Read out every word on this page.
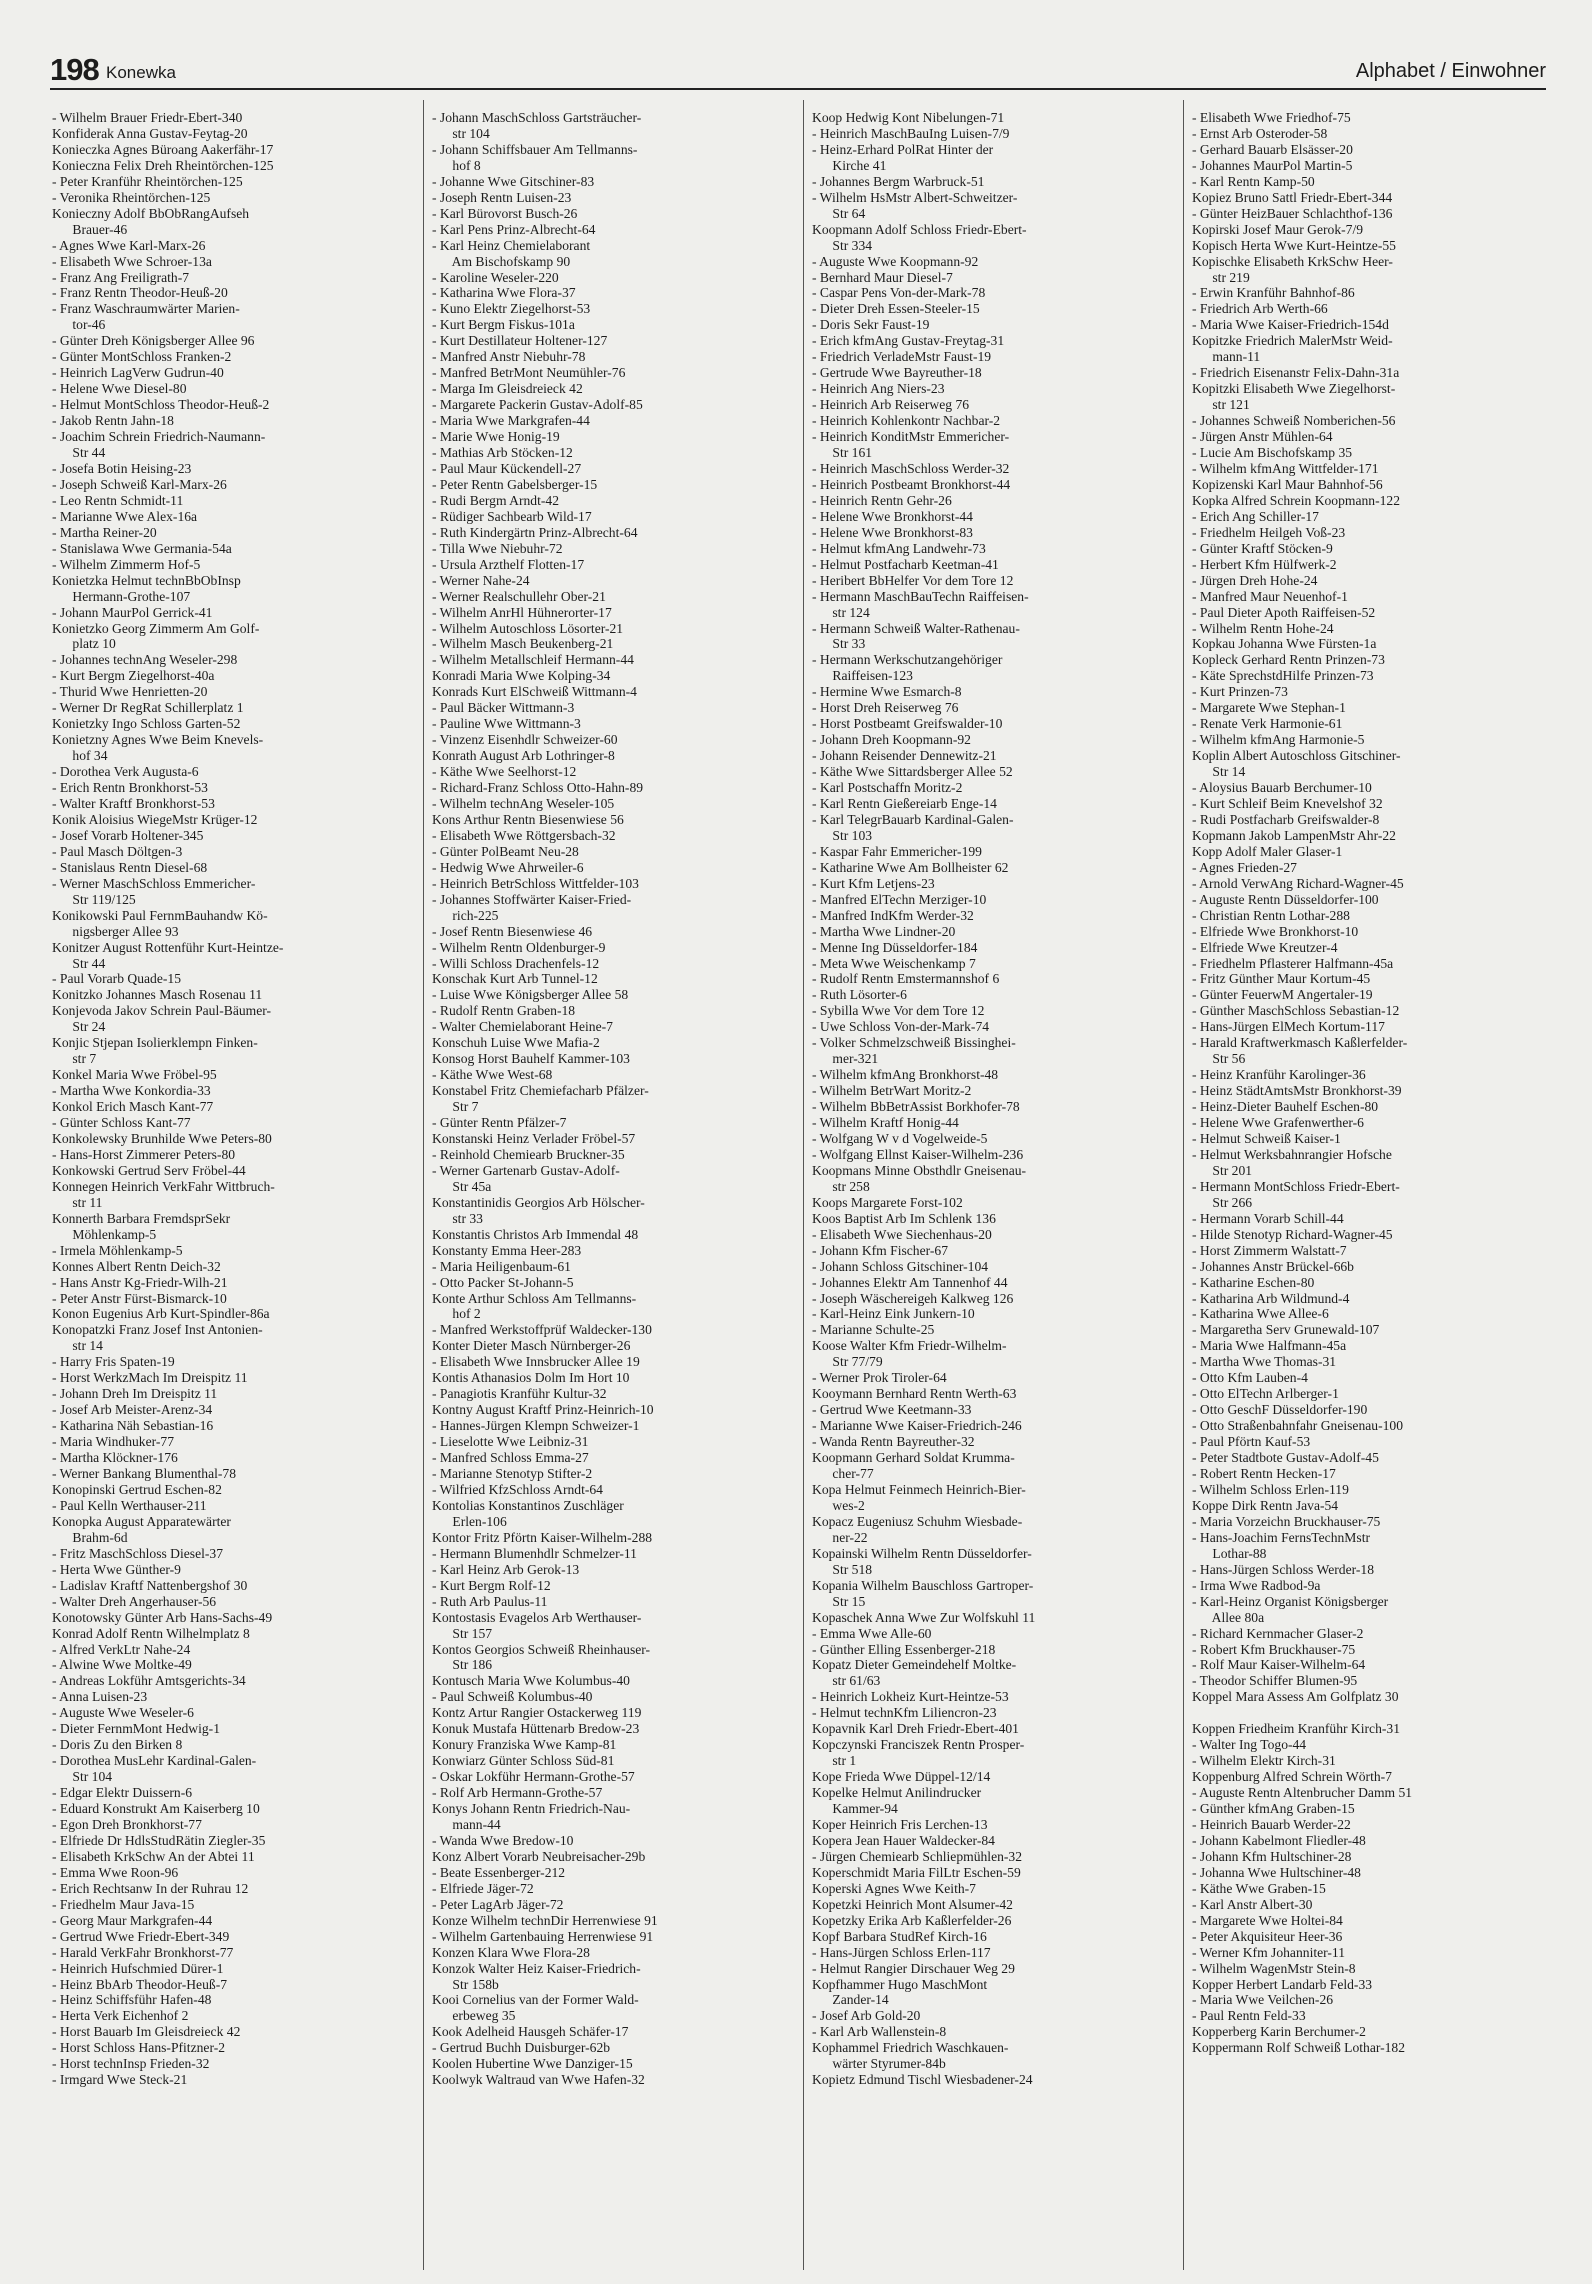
198 Konewka	Alphabet / Einwohner
- Wilhelm Brauer Friedr-Ebert-340
Konfiderak Anna Gustav-Feytag-20
Konieczka Agnes Büroang Aakerfähr-17
Konieczna Felix Dreh Rheintörchen-125
- Peter Kranführ Rheintörchen-125
- Veronika Rheintörchen-125
Konieczny Adolf BbObRangAufseh
Brauer-46
- Agnes Wwe Karl-Marx-26
- Elisabeth Wwe Schroer-13a
- Franz Ang Freiligrath-7
- Franz Rentn Theodor-Heuß-20
- Franz Waschraumwärter Marien-
tor-46
- Günter Dreh Königsberger Allee 96
- Günter MontSchloss Franken-2
- Heinrich LagVerw Gudrun-40
- Helene Wwe Diesel-80
- Helmut MontSchloss Theodor-Heuß-2
- Jakob Rentn Jahn-18
- Joachim Schrein Friedrich-Naumann-
Str 44
- Josefa Botin Heising-23
- Joseph Schweiß Karl-Marx-26
- Leo Rentn Schmidt-11
- Marianne Wwe Alex-16a
- Martha Reiner-20
- Stanislawa Wwe Germania-54a
- Wilhelm Zimmerm Hof-5
Konietzka Helmut technBbObInsp
Hermann-Grothe-107
- Johann MaurPol Gerrick-41
Konietzko Georg Zimmerm Am Golf-
platz 10
- Johannes technAng Weseler-298
- Kurt Bergm Ziegelhorst-40a
- Thurid Wwe Henrietten-20
- Werner Dr RegRat Schillerplatz 1
Konietzky Ingo Schloss Garten-52
Konietzny Agnes Wwe Beim Knevels-
hof 34
- Dorothea Verk Augusta-6
- Erich Rentn Bronkhorst-53
- Walter Kraftf Bronkhorst-53
Konik Aloisius WiegeMstr Krüger-12
- Josef Vorarb Holtener-345
- Paul Masch Döltgen-3
- Stanislaus Rentn Diesel-68
- Werner MaschSchloss Emmericher-
Str 119/125
Konikowski Paul FernmBauhandw Kö-
nigsberger Allee 93
Konitzer August Rottenführ Kurt-Heintze-
Str 44
- Paul Vorarb Quade-15
Konitzko Johannes Masch Rosenau 11
Konjevoda Jakov Schrein Paul-Bäumer-
Str 24
Konjic Stjepan Isolierklempn Finken-
str 7
Konkel Maria Wwe Fröbel-95
- Martha Wwe Konkordia-33
Konkol Erich Masch Kant-77
- Günter Schloss Kant-77
Konkolewsky Brunhilde Wwe Peters-80
- Hans-Horst Zimmerer Peters-80
Konkowski Gertrud Serv Fröbel-44
Konnegen Heinrich VerkFahr Wittbruch-
str 11
Konnerth Barbara FremdsprSekr
Möhlenkamp-5
- Irmela Möhlenkamp-5
Konnes Albert Rentn Deich-32
- Hans Anstr Kg-Friedr-Wilh-21
- Peter Anstr Fürst-Bismarck-10
Konon Eugenius Arb Kurt-Spindler-86a
Konopatzki Franz Josef Inst Antonien-
str 14
- Harry Fris Spaten-19
- Horst WerkzMach Im Dreispitz 11
- Johann Dreh Im Dreispitz 11
- Josef Arb Meister-Arenz-34
- Katharina Näh Sebastian-16
- Maria Windhuker-77
- Martha Klöckner-176
- Werner Bankang Blumenthal-78
Konopinski Gertrud Eschen-82
- Paul Kelln Werthauser-211
Konopka August Apparatewärter
Brahm-6d
- Fritz MaschSchloss Diesel-37
- Herta Wwe Günther-9
- Ladislav Kraftf Nattenbergshof 30
- Walter Dreh Angerhauser-56
Konotowsky Günter Arb Hans-Sachs-49
Konrad Adolf Rentn Wilhelmplatz 8
- Alfred VerkLtr Nahe-24
- Alwine Wwe Moltke-49
- Andreas Lokführ Amtsgerichts-34
- Anna Luisen-23
- Auguste Wwe Weseler-6
- Dieter FernmMont Hedwig-1
- Doris Zu den Birken 8
- Dorothea MusLehr Kardinal-Galen-
Str 104
- Edgar Elektr Duissern-6
- Eduard Konstrukt Am Kaiserberg 10
- Egon Dreh Bronkhorst-77
- Elfriede Dr HdlsStudRätin Ziegler-35
- Elisabeth KrkSchw An der Abtei 11
- Emma Wwe Roon-96
- Erich Rechtsanw In der Ruhrau 12
- Friedhelm Maur Java-15
- Georg Maur Markgrafen-44
- Gertrud Wwe Friedr-Ebert-349
- Harald VerkFahr Bronkhorst-77
- Heinrich Hufschmied Dürer-1
- Heinz BbArb Theodor-Heuß-7
- Heinz Schiffsführ Hafen-48
- Herta Verk Eichenhof 2
- Horst Bauarb Im Gleisdreieck 42
- Horst Schloss Hans-Pfitzner-2
- Horst technInsp Frieden-32
- Irmgard Wwe Steck-21
- Johann MaschSchloss Gartsträucher-
str 104
- Johann Schiffsbauer Am Tellmanns-
hof 8
- Johanne Wwe Gitschiner-83
- Joseph Rentn Luisen-23
- Karl Bürovorst Busch-26
- Karl Pens Prinz-Albrecht-64
- Karl Heinz Chemielaborant
Am Bischofskamp 90
- Karoline Weseler-220
- Katharina Wwe Flora-37
- Kuno Elektr Ziegelhorst-53
- Kurt Bergm Fiskus-101a
- Kurt Destillateur Holtener-127
- Manfred Anstr Niebuhr-78
- Manfred BetrMont Neumühler-76
- Marga Im Gleisdreieck 42
- Margarete Packerin Gustav-Adolf-85
- Maria Wwe Markgrafen-44
- Marie Wwe Honig-19
- Mathias Arb Stöcken-12
- Paul Maur Kückendell-27
- Peter Rentn Gabelsberger-15
- Rudi Bergm Arndt-42
- Rüdiger Sachbearb Wild-17
- Ruth Kindergärtn Prinz-Albrecht-64
- Tilla Wwe Niebuhr-72
- Ursula Arzthelf Flotten-17
- Werner Nahe-24
- Werner Realschullehr Ober-21
- Wilhelm AnrHl Hühnerorter-17
- Wilhelm Autoschloss Lösorter-21
- Wilhelm Masch Beukenberg-21
- Wilhelm Metallschleif Hermann-44
Konradi Maria Wwe Kolping-34
Konrads Kurt ElSchweiß Wittmann-4
- Paul Bäcker Wittmann-3
- Pauline Wwe Wittmann-3
- Vinzenz Eisenhdlr Schweizer-60
Konrath August Arb Lothringer-8
- Käthe Wwe Seelhorst-12
- Richard-Franz Schloss Otto-Hahn-89
- Wilhelm technAng Weseler-105
Kons Arthur Rentn Biesenwiese 56
- Elisabeth Wwe Röttgersbach-32
- Günter PolBeamt Neu-28
- Hedwig Wwe Ahrweiler-6
- Heinrich BetrSchloss Wittfelder-103
- Johannes Stoffwärter Kaiser-Fried-
rich-225
- Josef Rentn Biesenwiese 46
- Wilhelm Rentn Oldenburger-9
- Willi Schloss Drachenfels-12
Konschak Kurt Arb Tunnel-12
- Luise Wwe Königsberger Allee 58
- Rudolf Rentn Graben-18
- Walter Chemielaborant Heine-7
Konschuh Luise Wwe Mafia-2
Konsog Horst Bauhelf Kammer-103
- Käthe Wwe West-68
Konstabel Fritz Chemiefacharb Pfälzer-
Str 7
- Günter Rentn Pfälzer-7
Konstanski Heinz Verlader Fröbel-57
- Reinhold Chemiearb Bruckner-35
- Werner Gartenarb Gustav-Adolf-
Str 45a
Konstantinidis Georgios Arb Hölscher-
str 33
Konstantis Christos Arb Immendal 48
Konstanty Emma Heer-283
- Maria Heiligenbaum-61
- Otto Packer St-Johann-5
Konte Arthur Schloss Am Tellmanns-
hof 2
- Manfred Werkstoffprüf Waldecker-130
Konter Dieter Masch Nürnberger-26
- Elisabeth Wwe Innsbrucker Allee 19
Kontis Athanasios Dolm Im Hort 10
- Panagiotis Kranführ Kultur-32
Kontny August Kraftf Prinz-Heinrich-10
- Hannes-Jürgen Klempn Schweizer-1
- Lieselotte Wwe Leibniz-31
- Manfred Schloss Emma-27
- Marianne Stenotyp Stifter-2
- Wilfried KfzSchloss Arndt-64
Kontolias Konstantinos Zuschläger
Erlen-106
Kontor Fritz Pförtn Kaiser-Wilhelm-288
- Hermann Blumenhdlr Schmelzer-11
- Karl Heinz Arb Gerok-13
- Kurt Bergm Rolf-12
- Ruth Arb Paulus-11
Kontostasis Evagelos Arb Werthauser-
Str 157
Kontos Georgios Schweiß Rheinhauser-
Str 186
Kontusch Maria Wwe Kolumbus-40
- Paul Schweiß Kolumbus-40
Kontz Artur Rangier Ostackerweg 119
Konuk Mustafa Hüttenarb Bredow-23
Konury Franziska Wwe Kamp-81
Konwiarz Günter Schloss Süd-81
- Oskar Lokführ Hermann-Grothe-57
- Rolf Arb Hermann-Grothe-57
Konys Johann Rentn Friedrich-Nau-
mann-44
- Wanda Wwe Bredow-10
Konz Albert Vorarb Neubreisacher-29b
- Beate Essenberger-212
- Elfriede Jäger-72
- Peter LagArb Jäger-72
Konze Wilhelm technDir Herrenwiese 91
- Wilhelm Gartenbauing Herrenwiese 91
Konzen Klara Wwe Flora-28
Konzok Walter Heiz Kaiser-Friedrich-
Str 158b
Kooi Cornelius van der Former Wald-
erbeweg 35
Kook Adelheid Hausgeh Schäfer-17
- Gertrud Buchh Duisburger-62b
Koolen Hubertine Wwe Danziger-15
Koolwyk Waltraud van Wwe Hafen-32
Koop Hedwig Kont Nibelungen-71
- Heinrich MaschBauIng Luisen-7/9
- Heinz-Erhard PolRat Hinter der
Kirche 41
- Johannes Bergm Warbruck-51
- Wilhelm HsMstr Albert-Schweitzer-
Str 64
Koopmann Adolf Schloss Friedr-Ebert-
Str 334
- Auguste Wwe Koopmann-92
- Bernhard Maur Diesel-7
- Caspar Pens Von-der-Mark-78
- Dieter Dreh Essen-Steeler-15
- Doris Sekr Faust-19
- Erich kfmAng Gustav-Freytag-31
- Friedrich VerladeMstr Faust-19
- Gertrude Wwe Bayreuther-18
- Heinrich Ang Niers-23
- Heinrich Arb Reiserweg 76
- Heinrich Kohlenkontr Nachbar-2
- Heinrich KonditMstr Emmericher-
Str 161
- Heinrich MaschSchloss Werder-32
- Heinrich Postbeamt Bronkhorst-44
- Heinrich Rentn Gehr-26
- Helene Wwe Bronkhorst-44
- Helene Wwe Bronkhorst-83
- Helmut kfmAng Landwehr-73
- Helmut Postfacharb Keetman-41
- Heribert BbHelfer Vor dem Tore 12
- Hermann MaschBauTechn Raiffeisen-
str 124
- Hermann Schweiß Walter-Rathenau-
Str 33
- Hermann Werkschutzangehöriger
Raiffeisen-123
- Hermine Wwe Esmarch-8
- Horst Dreh Reiserweg 76
- Horst Postbeamt Greifswalder-10
- Johann Dreh Koopmann-92
- Johann Reisender Dennewitz-21
- Käthe Wwe Sittardsberger Allee 52
- Karl Postschaffn Moritz-2
- Karl Rentn Gießereiarb Enge-14
- Karl TelegrBauarb Kardinal-Galen-
Str 103
- Kaspar Fahr Emmericher-199
- Katharine Wwe Am Bollheister 62
- Kurt Kfm Letjens-23
- Manfred ElTechn Merziger-10
- Manfred IndKfm Werder-32
- Martha Wwe Lindner-20
- Menne Ing Düsseldorfer-184
- Meta Wwe Weischenkamp 7
- Rudolf Rentn Emstermannshof 6
- Ruth Lösorter-6
- Sybilla Wwe Vor dem Tore 12
- Uwe Schloss Von-der-Mark-74
- Volker Schmelzschweiß Bissinghei-
mer-321
- Wilhelm kfmAng Bronkhorst-48
- Wilhelm BetrWart Moritz-2
- Wilhelm BbBetrAssist Borkhofer-78
- Wilhelm Kraftf Honig-44
- Wolfgang W v d Vogelweide-5
- Wolfgang Ellnst Kaiser-Wilhelm-236
Koopmans Minne Obsthdlr Gneisenau-
str 258
Koops Margarete Forst-102
Koos Baptist Arb Im Schlenk 136
- Elisabeth Wwe Siechenhaus-20
- Johann Kfm Fischer-67
- Johann Schloss Gitschiner-104
- Johannes Elektr Am Tannenhof 44
- Joseph Wäschereigeh Kalkweg 126
- Karl-Heinz Eink Junkern-10
- Marianne Schulte-25
Koose Walter Kfm Friedr-Wilhelm-
Str 77/79
- Werner Prok Tiroler-64
Kooymann Bernhard Rentn Werth-63
- Gertrud Wwe Keetmann-33
- Marianne Wwe Kaiser-Friedrich-246
- Wanda Rentn Bayreuther-32
Koopmann Gerhard Soldat Krumma-
cher-77
Kopa Helmut Feinmech Heinrich-Bier-
wes-2
Kopacz Eugeniusz Schuhm Wiesbade-
ner-22
Kopainski Wilhelm Rentn Düsseldorfer-
Str 518
Kopania Wilhelm Bauschloss Gartroper-
Str 15
Kopaschek Anna Wwe Zur Wolfskuhl 11
- Emma Wwe Alle-60
- Günther Elling Essenberger-218
Kopatz Dieter Gemeindehelf Moltke-
str 61/63
- Heinrich Lokheiz Kurt-Heintze-53
- Helmut technKfm Liliencron-23
Kopavnik Karl Dreh Friedr-Ebert-401
Kopczynski Franciszek Rentn Prosper-
str 1
Kope Frieda Wwe Düppel-12/14
Kopelke Helmut Anilindrucker
Kammer-94
Koper Heinrich Fris Lerchen-13
Kopera Jean Hauer Waldecker-84
- Jürgen Chemiearb Schliepmühlen-32
Koperschmidt Maria FilLtr Eschen-59
Koperski Agnes Wwe Keith-7
Kopetzki Heinrich Mont Alsumer-42
Kopetzky Erika Arb Kaßlerfelder-26
Kopf Barbara StudRef Kirch-16
- Hans-Jürgen Schloss Erlen-117
- Helmut Rangier Dirschauer Weg 29
Kopfhammer Hugo MaschMont
Zander-14
- Josef Arb Gold-20
- Karl Arb Wallenstein-8
Kophammel Friedrich Waschkauen-
wärter Styrumer-84b
Kopietz Edmund Tischl Wiesbadener-24
- Elisabeth Wwe Friedhof-75
- Ernst Arb Osteroder-58
- Gerhard Bauarb Elsässer-20
- Johannes MaurPol Martin-5
- Karl Rentn Kamp-50
Kopiez Bruno Sattl Friedr-Ebert-344
- Günter HeizBauer Schlachthof-136
Kopirski Josef Maur Gerok-7/9
Kopisch Herta Wwe Kurt-Heintze-55
Kopischke Elisabeth KrkSchw Heer-
str 219
- Erwin Kranführ Bahnhof-86
- Friedrich Arb Werth-66
- Maria Wwe Kaiser-Friedrich-154d
Kopitzke Friedrich MalerMstr Weid-
mann-11
- Friedrich Eisenanstr Felix-Dahn-31a
Kopitzki Elisabeth Wwe Ziegelhorst-
str 121
- Johannes Schweiß Nomberichen-56
- Jürgen Anstr Mühlen-64
- Lucie Am Bischofskamp 35
- Wilhelm kfmAng Wittfelder-171
Kopizenski Karl Maur Bahnhof-56
Kopka Alfred Schrein Koopmann-122
- Erich Ang Schiller-17
- Friedhelm Heilgeh Voß-23
- Günter Kraftf Stöcken-9
- Herbert Kfm Hülfwerk-2
- Jürgen Dreh Hohe-24
- Manfred Maur Neuenhof-1
- Paul Dieter Apoth Raiffeisen-52
- Wilhelm Rentn Hohe-24
Kopkau Johanna Wwe Fürsten-1a
Kopleck Gerhard Rentn Prinzen-73
- Käte SprechstdHilfe Prinzen-73
- Kurt Prinzen-73
- Margarete Wwe Stephan-1
- Renate Verk Harmonie-61
- Wilhelm kfmAng Harmonie-5
Koplin Albert Autoschloss Gitschiner-
Str 14
- Aloysius Bauarb Berchumer-10
- Kurt Schleif Beim Knevelshof 32
- Rudi Postfacharb Greifswalder-8
Kopmann Jakob LampenMstr Ahr-22
Kopp Adolf Maler Glaser-1
- Agnes Frieden-27
- Arnold VerwAng Richard-Wagner-45
- Auguste Rentn Düsseldorfer-100
- Christian Rentn Lothar-288
- Elfriede Wwe Bronkhorst-10
- Elfriede Wwe Kreutzer-4
- Friedhelm Pflasterer Halfmann-45a
- Fritz Günther Maur Kortum-45
- Günter FeuerwM Angertaler-19
- Günther MaschSchloss Sebastian-12
- Hans-Jürgen ElMech Kortum-117
- Harald Kraftwerkmasch Kaßlerfelder-
Str 56
- Heinz Kranführ Karolinger-36
- Heinz StädtAmtsMstr Bronkhorst-39
- Heinz-Dieter Bauhelf Eschen-80
- Helene Wwe Grafenwerther-6
- Helmut Schweiß Kaiser-1
- Helmut Werksbahnrangier Hofsche
Str 201
- Hermann MontSchloss Friedr-Ebert-
Str 266
- Hermann Vorarb Schill-44
- Hilde Stenotyp Richard-Wagner-45
- Horst Zimmerm Walstatt-7
- Johannes Anstr Brückel-66b
- Katharine Eschen-80
- Katharina Arb Wildmund-4
- Katharina Wwe Allee-6
- Margaretha Serv Grunewald-107
- Maria Wwe Halfmann-45a
- Martha Wwe Thomas-31
- Otto Kfm Lauben-4
- Otto ElTechn Arlberger-1
- Otto GeschF Düsseldorfer-190
- Otto Straßenbahnfahr Gneisenau-100
- Paul Pförtn Kauf-53
- Peter Stadtbote Gustav-Adolf-45
- Robert Rentn Hecken-17
- Wilhelm Schloss Erlen-119
Koppe Dirk Rentn Java-54
- Maria Vorzeichn Bruckhauser-75
- Hans-Joachim FernsTechnMstr
Lothar-88
- Hans-Jürgen Schloss Werder-18
- Irma Wwe Radbod-9a
- Karl-Heinz Organist Königsberger
Allee 80a
- Richard Kernmacher Glaser-2
- Robert Kfm Bruckhauser-75
- Rolf Maur Kaiser-Wilhelm-64
- Theodor Schiffer Blumen-95
Koppel Mara Assess Am Golfplatz 30

Koppen Friedheim Kranführ Kirch-31
- Walter Ing Togo-44
- Wilhelm Elektr Kirch-31
Koppenburg Alfred Schrein Wörth-7
- Auguste Rentn Altenbrucher Damm 51
- Günther kfmAng Graben-15
- Heinrich Bauarb Werder-22
- Johann Kabelmont Fliedler-48
- Johann Kfm Hultschiner-28
- Johanna Wwe Hultschiner-48
- Käthe Wwe Graben-15
- Karl Anstr Albert-30
- Margarete Wwe Holtei-84
- Peter Akquisiteur Heer-36
- Werner Kfm Johanniter-11
- Wilhelm WagenMstr Stein-8
Kopper Herbert Landarb Feld-33
- Maria Wwe Veilchen-26
- Paul Rentn Feld-33
Kopperberg Karin Berchumer-2
Koppermann Rolf Schweiß Lothar-182
